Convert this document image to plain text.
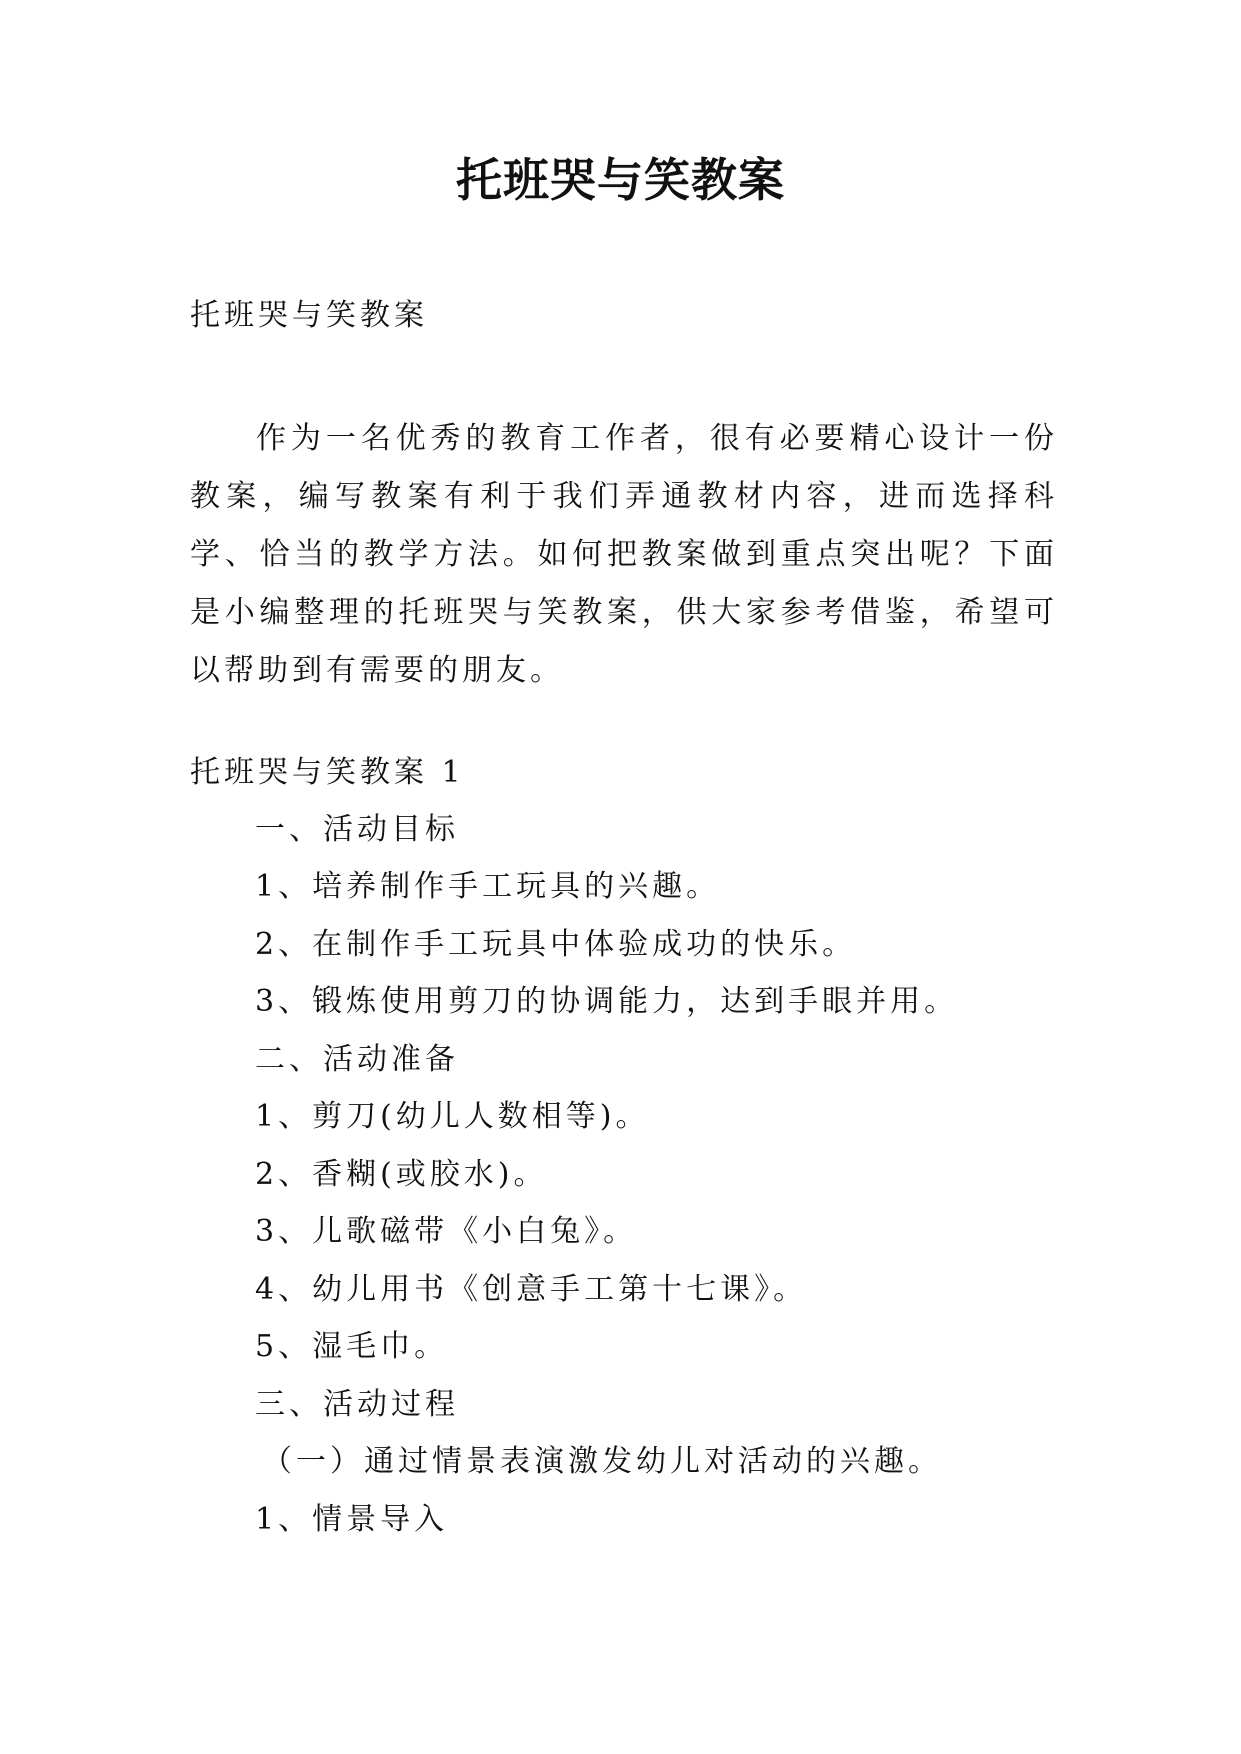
托班哭与笑教案
托班哭与笑教案
作为一名优秀的教育工作者，很有必要精心设计一份教案，编写教案有利于我们弄通教材内容，进而选择科学、恰当的教学方法。如何把教案做到重点突出呢？下面是小编整理的托班哭与笑教案，供大家参考借鉴，希望可以帮助到有需要的朋友。
托班哭与笑教案 1
一、活动目标
1、培养制作手工玩具的兴趣。
2、在制作手工玩具中体验成功的快乐。
3、锻炼使用剪刀的协调能力，达到手眼并用。
二、活动准备
1、剪刀(幼儿人数相等)。
2、香糊(或胶水)。
3、儿歌磁带《小白兔》。
4、幼儿用书《创意手工第十七课》。
5、湿毛巾。
三、活动过程
（一）通过情景表演激发幼儿对活动的兴趣。
1、情景导入
